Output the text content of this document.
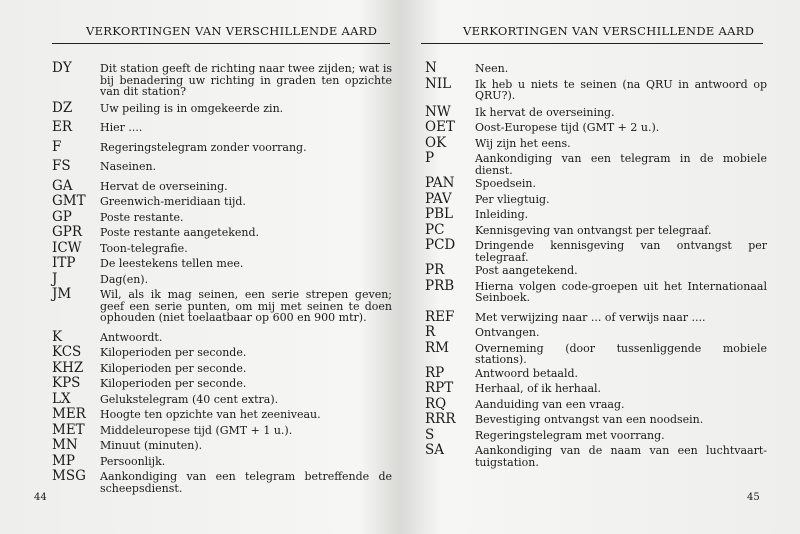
VERKORTINGEN VAN VERSCHILLENDE AARD
DY	Dit station geeft de richting naar twee zijden; wat is bij benadering uw richting in graden ten opzichte van dit station?
DZ	Uw peiling is in omgekeerde zin.
ER	Hier ....
F	Regeringstelegram zonder voorrang.
FS	Naseinen.
GA	Hervat de overseining.
GMT	Greenwich-meridiaan tijd.
GP	Poste restante.
GPR	Poste restante aangetekend.
ICW	Toon-telegrafie.
ITP	De leestekens tellen mee.
J	Dag(en).
JM	Wil, als ik mag seinen, een serie strepen geven; geef een serie punten, om mij met seinen te doen ophouden (niet toelaatbaar op 600 en 900 mtr).
K	Antwoordt.
KCS	Kiloperioden per seconde.
KHZ	Kiloperioden per seconde.
KPS	Kiloperioden per seconde.
LX	Gelukstelegram (40 cent extra).
MER	Hoogte ten opzichte van het zeeniveau.
MET	Middeleuropese tijd (GMT + 1 u.).
MN	Minuut (minuten).
MP	Persoonlijk.
MSG	Aankondiging van een telegram betreffende de scheepsdienst.
44
VERKORTINGEN VAN VERSCHILLENDE AARD
N	Neen.
NIL	Ik heb u niets te seinen (na QRU in antwoord op QRU?).
NW	Ik hervat de overseining.
OET	Oost-Europese tijd (GMT + 2 u.).
OK	Wij zijn het eens.
P	Aankondiging van een telegram in de mobiele dienst.
PAN	Spoedsein.
PAV	Per vliegtuig.
PBL	Inleiding.
PC	Kennisgeving van ontvangst per telegraaf.
PCD	Dringende kennisgeving van ontvangst per telegraaf.
PR	Post aangetekend.
PRB	Hierna volgen code-groepen uit het Internationaal Seinboek.
REF	Met verwijzing naar ... of verwijs naar ....
R	Ontvangen.
RM	Overneming (door tussenliggende mobiele stations).
RP	Antwoord betaald.
RPT	Herhaal, of ik herhaal.
RQ	Aanduiding van een vraag.
RRR	Bevestiging ontvangst van een noodsein.
S	Regeringstelegram met voorrang.
SA	Aankondiging van de naam van een luchtvaart-tuigstation.
45
